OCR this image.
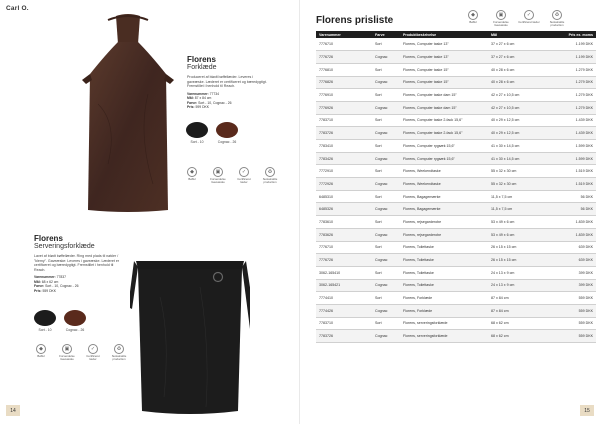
Carl O.
Florens
Forklæde
Produceret af blødt bøffellæder. Leveres i gaveæske. Læderet er certificeret og bæredygtigt. Fremstillet i henhold til Reach.
Varenummer: 77734
Mål: 87 x 84 cm
Farve: Sort - 10, Cognac - 26
Pris: 599 DKK
Sort - 10	Cognac - 26
◆
Bøffel
▣
Forsendelse Gaveæske
✓
Certificeret læder
♻
Sustainable production
Florens
Serveringsforklæde
Lavet af blødt bøffellæder. Ring med plads til nøkler / "klemy". Gaveæske: Leveres i gaveæske. Læderet er certificeret og bæredygtigt. Fremstillet i henhold til Reach.
Varenummer: 77837
Mål: 68 x 62 cm
Farve: Sort - 10, Cognac - 26
Pris: 559 DKK
Sort - 10	Cognac - 26
◆
Bøffel
▣
Forsendelse Gaveæske
✓
Certificeret læder
♻
Sustainable production
14
Florens prisliste	◆
Bøffel
▣
Forsendelse Gaveæske
✓
Certificeret læder
♻
Sustainable production
Varenummer	Farve	Produktbeskrivelse	Mål	Pris ex. moms
7776710	Sort	Florens, Computer taske 13"	37 x 27 x 6 cm	1.199 DKK
7776726	Cognac	Florens, Computer taske 13"	37 x 27 x 6 cm	1.199 DKK
7776810	Sort	Florens, Computer taske 15"	40 x 28 x 6 cm	1.279 DKK
7776826	Cognac	Florens, Computer taske 15"	40 x 28 x 6 cm	1.279 DKK
7776910	Sort	Florens, Computer taske dam 15"	42 x 27 x 10,5 cm	1.279 DKK
7776926	Cognac	Florens, Computer taske dam 15"	42 x 27 x 10,5 cm	1.279 DKK
7783710	Sort	Florens, Computer taske 2-fack 15,6"	40 x 29 x 12,5 cm	1.439 DKK
7783726	Cognac	Florens, Computer taske 2-fack 15,6"	40 x 29 x 12,5 cm	1.439 DKK
7783410	Sort	Florens, Computer rygsæk 15,6"	41 x 30 x 14,5 cm	1.599 DKK
7783426	Cognac	Florens, Computer rygsæk 15,6"	41 x 30 x 14,5 cm	1.599 DKK
7772910	Sort	Florens, Weekendtaske	55 x 32 x 30 cm	1.519 DKK
7772926	Cognac	Florens, Weekendtaske	55 x 32 x 30 cm	1.519 DKK
6485310	Sort	Florens, Bagagemærke	11,5 x 7,5 cm	56 DKK
6485326	Cognac	Florens, Bagagemærke	11,5 x 7,5 cm	56 DKK
7783610	Sort	Florens, rejsegarderobe	53 x 49 x 6 cm	1.839 DKK
7783626	Cognac	Florens, rejsegarderobe	53 x 49 x 6 cm	1.839 DKK
7776710	Sort	Florens, Toilettaske	26 x 15 x 15 cm	639 DKK
7776726	Cognac	Florens, Toilettaske	26 x 15 x 15 cm	639 DKK
3062-165410	Sort	Florens, Toilettaske	24 x 13 x 9 cm	399 DKK
3062-165421	Cognac	Florens, Toilettaske	24 x 13 x 9 cm	399 DKK
7774410	Sort	Florens, Forklæde	87 x 84 cm	559 DKK
7774426	Cognac	Florens, Forklæde	87 x 84 cm	559 DKK
7783710	Sort	Florens, serveringsforklæde	68 x 62 cm	559 DKK
7783726	Cognac	Florens, serveringsforklæde	68 x 62 cm	559 DKK
15
